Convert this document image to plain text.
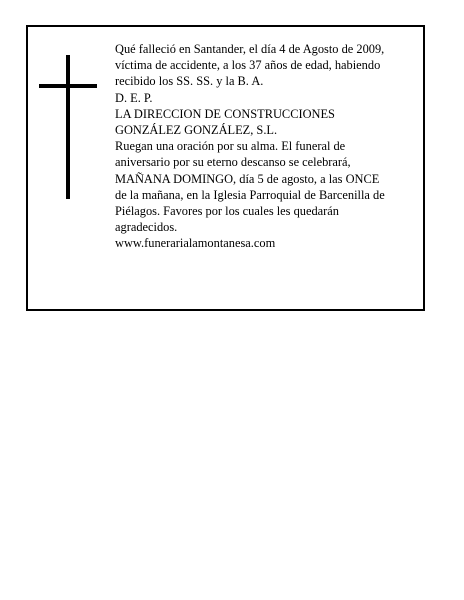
Qué falleció en Santander, el día 4 de Agosto de 2009,
víctima de accidente, a los 37 años de edad, habiendo
recibido los SS. SS. y la B. A.
D. E. P.
LA DIRECCION DE CONSTRUCCIONES
GONZÁLEZ GONZÁLEZ, S.L.
Ruegan una oración por su alma. El funeral de
aniversario por su eterno descanso se celebrará,
MAÑANA DOMINGO, día 5 de agosto, a las ONCE
de la mañana, en la Iglesia Parroquial de Barcenilla de
Piélagos. Favores por los cuales les quedarán
agradecidos.
www.funerarialamontanesa.com
